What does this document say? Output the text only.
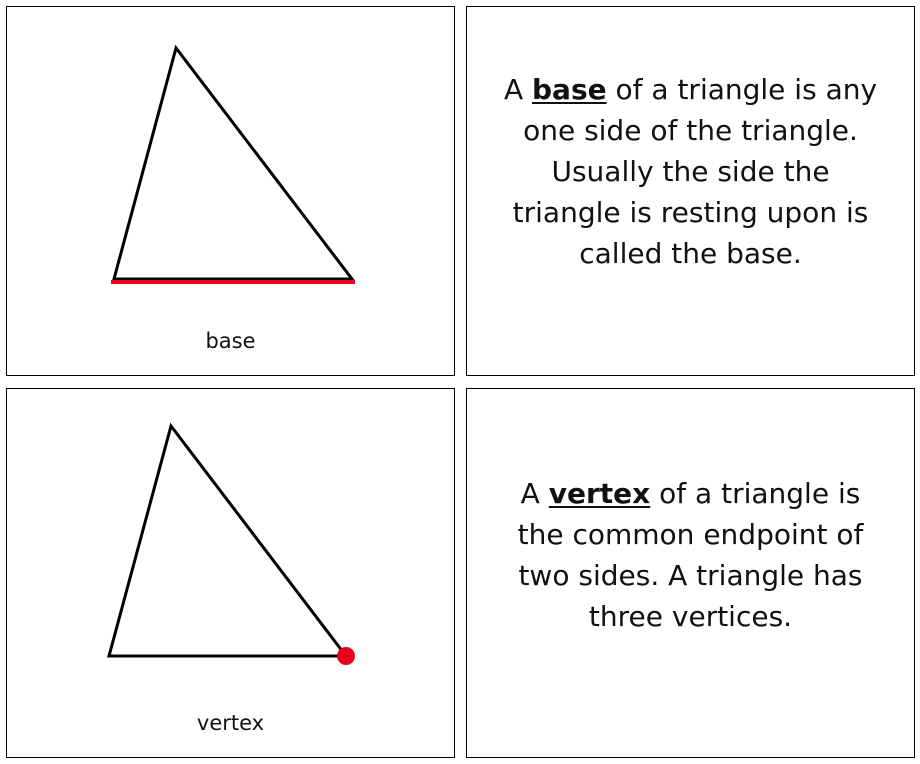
base
A base of a triangle is any one side of the triangle. Usually the side the triangle is resting upon is called the base.
vertex
A vertex of a triangle is the common endpoint of two sides. A triangle has three vertices.
